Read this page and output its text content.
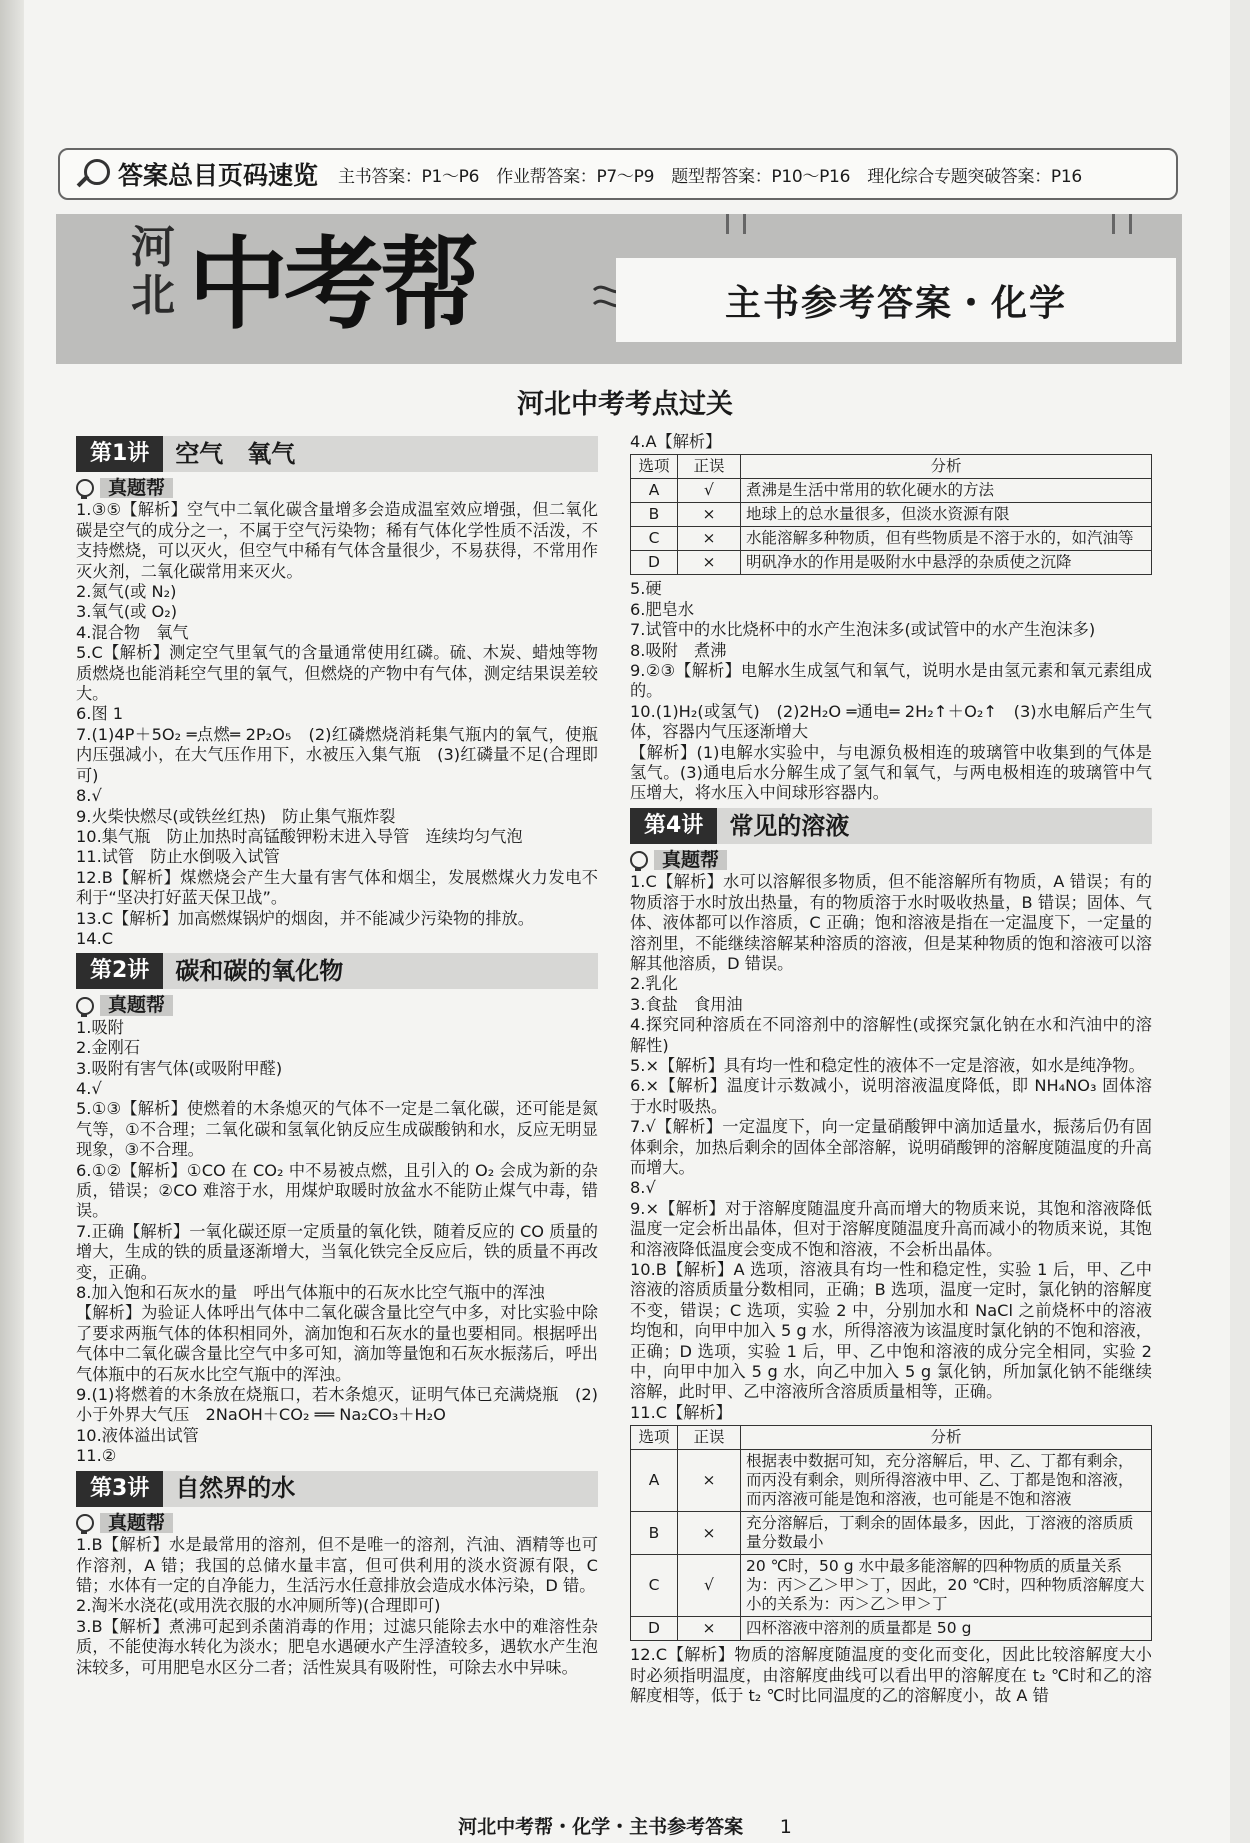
答案总目页码速览 主书答案：P1～P6 作业帮答案：P7～P9 题型帮答案：P10～P16 理化综合专题突破答案：P16
河北 中考帮	主书参考答案・化学
河北中考考点过关
第1讲	空气　氧气
真题帮

1.③⑤【解析】空气中二氧化碳含量增多会造成温室效应增强，但二氧化碳是空气的成分之一，不属于空气污染物；稀有气体化学性质不活泼，不支持燃烧，可以灭火，但空气中稀有气体含量很少，不易获得，不常用作灭火剂，二氧化碳常用来灭火。

2.氮气(或 N₂)

3.氧气(或 O₂)

4.混合物　氧气

5.C【解析】测定空气里氧气的含量通常使用红磷。硫、木炭、蜡烛等物质燃烧也能消耗空气里的氧气，但燃烧的产物中有气体，测定结果误差较大。

6.图 1

7.(1)4P＋5O₂ ═点燃═ 2P₂O₅　(2)红磷燃烧消耗集气瓶内的氧气，使瓶内压强减小，在大气压作用下，水被压入集气瓶　(3)红磷量不足(合理即可)

8.√

9.火柴快燃尽(或铁丝红热)　防止集气瓶炸裂

10.集气瓶　防止加热时高锰酸钾粉末进入导管　连续均匀气泡

11.试管　防止水倒吸入试管

12.B【解析】煤燃烧会产生大量有害气体和烟尘，发展燃煤火力发电不利于“坚决打好蓝天保卫战”。

13.C【解析】加高燃煤锅炉的烟囱，并不能减少污染物的排放。

14.C

第2讲	碳和碳的氧化物
真题帮

1.吸附

2.金刚石

3.吸附有害气体(或吸附甲醛)

4.√

5.①③【解析】使燃着的木条熄灭的气体不一定是二氧化碳，还可能是氮气等，①不合理；二氧化碳和氢氧化钠反应生成碳酸钠和水，反应无明显现象，③不合理。

6.①②【解析】①CO 在 CO₂ 中不易被点燃，且引入的 O₂ 会成为新的杂质，错误；②CO 难溶于水，用煤炉取暖时放盆水不能防止煤气中毒，错误。

7.正确【解析】一氧化碳还原一定质量的氧化铁，随着反应的 CO 质量的增大，生成的铁的质量逐渐增大，当氧化铁完全反应后，铁的质量不再改变，正确。

8.加入饱和石灰水的量　呼出气体瓶中的石灰水比空气瓶中的浑浊

【解析】为验证人体呼出气体中二氧化碳含量比空气中多，对比实验中除了要求两瓶气体的体积相同外，滴加饱和石灰水的量也要相同。根据呼出气体中二氧化碳含量比空气中多可知，滴加等量饱和石灰水振荡后，呼出气体瓶中的石灰水比空气瓶中的浑浊。

9.(1)将燃着的木条放在烧瓶口，若木条熄灭，证明气体已充满烧瓶　(2)小于外界大气压　2NaOH＋CO₂ ══ Na₂CO₃＋H₂O

10.液体溢出试管

11.②

第3讲	自然界的水
真题帮

1.B【解析】水是最常用的溶剂，但不是唯一的溶剂，汽油、酒精等也可作溶剂，A 错；我国的总储水量丰富，但可供利用的淡水资源有限，C 错；水体有一定的自净能力，生活污水任意排放会造成水体污染，D 错。

2.淘米水浇花(或用洗衣服的水冲厕所等)(合理即可)

3.B【解析】煮沸可起到杀菌消毒的作用；过滤只能除去水中的难溶性杂质，不能使海水转化为淡水；肥皂水遇硬水产生浮渣较多，遇软水产生泡沫较多，可用肥皂水区分二者；活性炭具有吸附性，可除去水中异味。

4.A【解析】

选项	正误	分析
A	√	煮沸是生活中常用的软化硬水的方法
B	×	地球上的总水量很多，但淡水资源有限
C	×	水能溶解多种物质，但有些物质是不溶于水的，如汽油等
D	×	明矾净水的作用是吸附水中悬浮的杂质使之沉降

5.硬

6.肥皂水

7.试管中的水比烧杯中的水产生泡沫多(或试管中的水产生泡沫多)

8.吸附　煮沸

9.②③【解析】电解水生成氢气和氧气，说明水是由氢元素和氧元素组成的。

10.(1)H₂(或氢气)　(2)2H₂O ═通电═ 2H₂↑＋O₂↑　(3)水电解后产生气体，容器内气压逐渐增大

【解析】(1)电解水实验中，与电源负极相连的玻璃管中收集到的气体是氢气。(3)通电后水分解生成了氢气和氧气，与两电极相连的玻璃管中气压增大，将水压入中间球形容器内。

第4讲	常见的溶液
真题帮

1.C【解析】水可以溶解很多物质，但不能溶解所有物质，A 错误；有的物质溶于水时放出热量，有的物质溶于水时吸收热量，B 错误；固体、气体、液体都可以作溶质，C 正确；饱和溶液是指在一定温度下，一定量的溶剂里，不能继续溶解某种溶质的溶液，但是某种物质的饱和溶液可以溶解其他溶质，D 错误。

2.乳化

3.食盐　食用油

4.探究同种溶质在不同溶剂中的溶解性(或探究氯化钠在水和汽油中的溶解性)

5.×【解析】具有均一性和稳定性的液体不一定是溶液，如水是纯净物。

6.×【解析】温度计示数减小，说明溶液温度降低，即 NH₄NO₃ 固体溶于水时吸热。

7.√【解析】一定温度下，向一定量硝酸钾中滴加适量水，振荡后仍有固体剩余，加热后剩余的固体全部溶解，说明硝酸钾的溶解度随温度的升高而增大。

8.√

9.×【解析】对于溶解度随温度升高而增大的物质来说，其饱和溶液降低温度一定会析出晶体，但对于溶解度随温度升高而减小的物质来说，其饱和溶液降低温度会变成不饱和溶液，不会析出晶体。

10.B【解析】A 选项，溶液具有均一性和稳定性，实验 1 后，甲、乙中溶液的溶质质量分数相同，正确；B 选项，温度一定时，氯化钠的溶解度不变，错误；C 选项，实验 2 中，分别加水和 NaCl 之前烧杯中的溶液均饱和，向甲中加入 5 g 水，所得溶液为该温度时氯化钠的不饱和溶液，正确；D 选项，实验 1 后，甲、乙中饱和溶液的成分完全相同，实验 2 中，向甲中加入 5 g 水，向乙中加入 5 g 氯化钠，所加氯化钠不能继续溶解，此时甲、乙中溶液所含溶质质量相等，正确。

11.C【解析】

选项	正误	分析
A	×	根据表中数据可知，充分溶解后，甲、乙、丁都有剩余，而丙没有剩余，则所得溶液中甲、乙、丁都是饱和溶液，而丙溶液可能是饱和溶液，也可能是不饱和溶液
B	×	充分溶解后，丁剩余的固体最多，因此，丁溶液的溶质质量分数最小
C	√	20 ℃时，50 g 水中最多能溶解的四种物质的质量关系为：丙＞乙＞甲＞丁，因此，20 ℃时，四种物质溶解度大小的关系为：丙＞乙＞甲＞丁
D	×	四杯溶液中溶剂的质量都是 50 g

12.C【解析】物质的溶解度随温度的变化而变化，因此比较溶解度大小时必须指明温度，由溶解度曲线可以看出甲的溶解度在 t₂ ℃时和乙的溶解度相等，低于 t₂ ℃时比同温度的乙的溶解度小，故 A 错

河北中考帮・化学・主书参考答案 1
